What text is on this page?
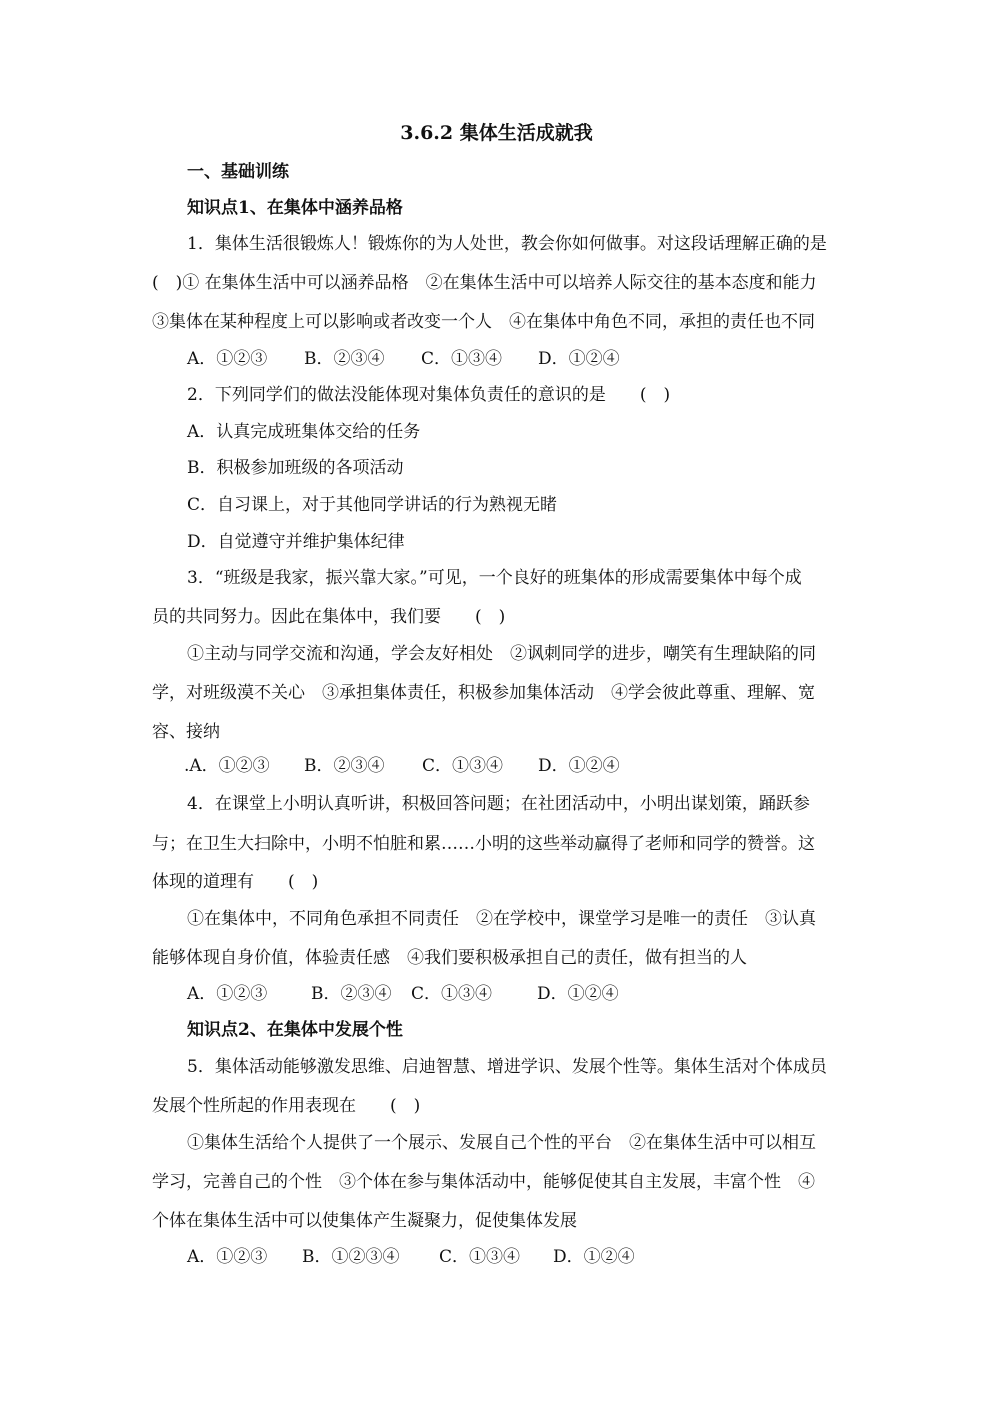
3.6.2 集体生活成就我
一、基础训练
知识点1、在集体中涵养品格
1．集体生活很锻炼人！锻炼你的为人处世，教会你如何做事。对这段话理解正确的是
(　)① 在集体生活中可以涵养品格　②在集体生活中可以培养人际交往的基本态度和能力
③集体在某种程度上可以影响或者改变一个人　④在集体中角色不同，承担的责任也不同
A．①②③ B．②③④ C．①③④ D．①②④
2．下列同学们的做法没能体现对集体负责任的意识的是　　(　)
A．认真完成班集体交给的任务
B．积极参加班级的各项活动
C．自习课上，对于其他同学讲话的行为熟视无睹
D．自觉遵守并维护集体纪律
3．“班级是我家，振兴靠大家。”可见，一个良好的班集体的形成需要集体中每个成
员的共同努力。因此在集体中，我们要　　(　)
①主动与同学交流和沟通，学会友好相处　②讽刺同学的进步，嘲笑有生理缺陷的同
学，对班级漠不关心　③承担集体责任，积极参加集体活动　④学会彼此尊重、理解、宽
容、接纳
.A．①②③ B．②③④ C．①③④ D．①②④
4．在课堂上小明认真听讲，积极回答问题；在社团活动中，小明出谋划策，踊跃参
与；在卫生大扫除中，小明不怕脏和累……小明的这些举动赢得了老师和同学的赞誉。这
体现的道理有　　(　)
①在集体中，不同角色承担不同责任　②在学校中，课堂学习是唯一的责任　③认真
能够体现自身价值，体验责任感　④我们要积极承担自己的责任，做有担当的人
A．①②③	B．②③④ C．①③④	D．①②④
知识点2、在集体中发展个性
5．集体活动能够激发思维、启迪智慧、增进学识、发展个性等。集体生活对个体成员
发展个性所起的作用表现在　　(　)
①集体生活给个人提供了一个展示、发展自己个性的平台　②在集体生活中可以相互
学习，完善自己的个性　③个体在参与集体活动中，能够促使其自主发展，丰富个性　④
个体在集体生活中可以使集体产生凝聚力，促使集体发展
A．①②③ B．①②③④ C．①③④ D．①②④
